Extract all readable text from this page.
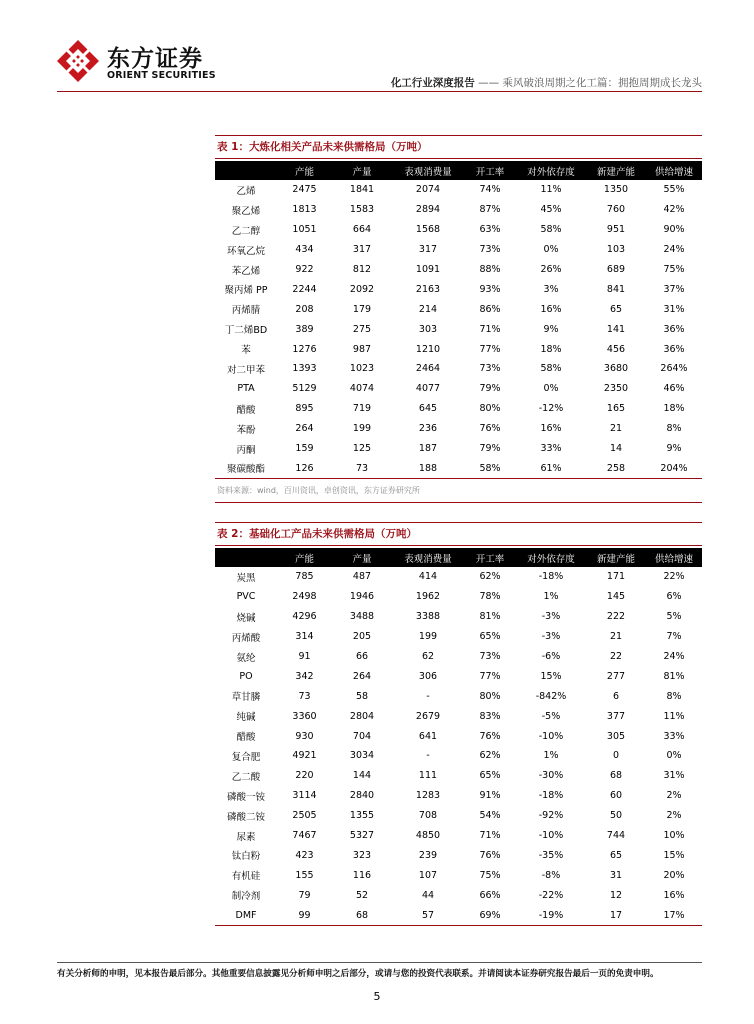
东方证券
ORIENT SECURITIES
化工行业深度报告 —— 乘风破浪周期之化工篇：拥抱周期成长龙头
表 1：大炼化相关产品未来供需格局（万吨）
	产能	产量	表观消费量	开工率	对外依存度	新建产能	供给增速
乙烯	2475	1841	2074	74%	11%	1350	55%
聚乙烯	1813	1583	2894	87%	45%	760	42%
乙二醇	1051	664	1568	63%	58%	951	90%
环氧乙烷	434	317	317	73%	0%	103	24%
苯乙烯	922	812	1091	88%	26%	689	75%
聚丙烯 PP	2244	2092	2163	93%	3%	841	37%
丙烯腈	208	179	214	86%	16%	65	31%
丁二烯BD	389	275	303	71%	9%	141	36%
苯	1276	987	1210	77%	18%	456	36%
对二甲苯	1393	1023	2464	73%	58%	3680	264%
PTA	5129	4074	4077	79%	0%	2350	46%
醋酸	895	719	645	80%	-12%	165	18%
苯酚	264	199	236	76%	16%	21	8%
丙酮	159	125	187	79%	33%	14	9%
聚碳酸酯	126	73	188	58%	61%	258	204%
资料来源：wind，百川资讯，卓创资讯，东方证券研究所
表 2：基础化工产品未来供需格局（万吨）
	产能	产量	表观消费量	开工率	对外依存度	新建产能	供给增速
炭黑	785	487	414	62%	-18%	171	22%
PVC	2498	1946	1962	78%	1%	145	6%
烧碱	4296	3488	3388	81%	-3%	222	5%
丙烯酸	314	205	199	65%	-3%	21	7%
氨纶	91	66	62	73%	-6%	22	24%
PO	342	264	306	77%	15%	277	81%
草甘膦	73	58	-	80%	-842%	6	8%
纯碱	3360	2804	2679	83%	-5%	377	11%
醋酸	930	704	641	76%	-10%	305	33%
复合肥	4921	3034	-	62%	1%	0	0%
乙二酸	220	144	111	65%	-30%	68	31%
磷酸一铵	3114	2840	1283	91%	-18%	60	2%
磷酸二铵	2505	1355	708	54%	-92%	50	2%
尿素	7467	5327	4850	71%	-10%	744	10%
钛白粉	423	323	239	76%	-35%	65	15%
有机硅	155	116	107	75%	-8%	31	20%
制冷剂	79	52	44	66%	-22%	12	16%
DMF	99	68	57	69%	-19%	17	17%
有关分析师的申明，见本报告最后部分。其他重要信息披露见分析师申明之后部分，或请与您的投资代表联系。并请阅读本证券研究报告最后一页的免责申明。
5
